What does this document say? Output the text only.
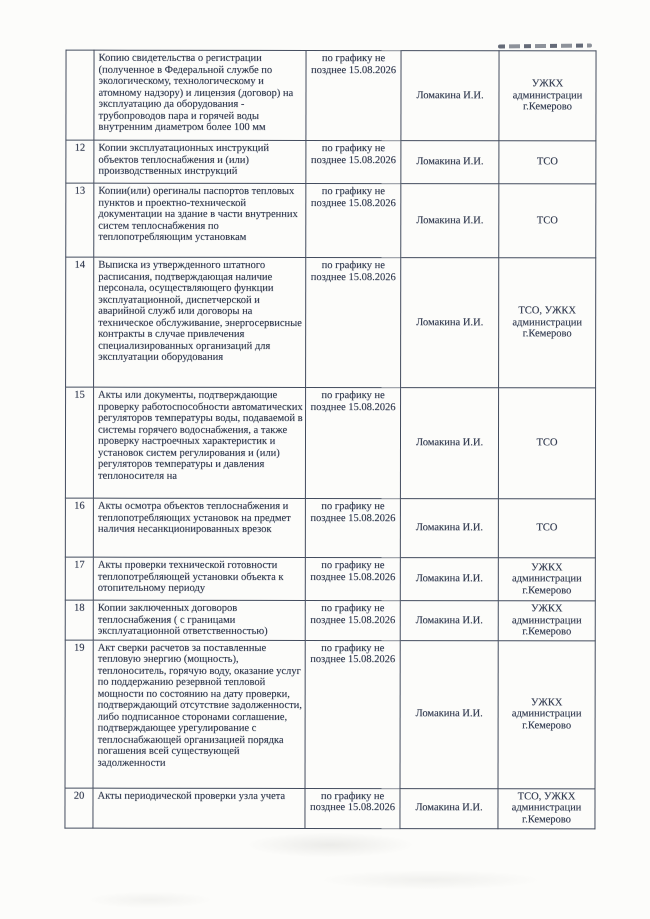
	Копию свидетельства о регистрации (полученное в Федеральной службе по экологическому, технологическому и атомному надзору) и лицензия (договор) на эксплуатацию да оборудования - трубопроводов пара и горячей воды внутренним диаметром более 100 мм	по графику не позднее 15.08.2026	Ломакина И.И.	УЖКХ администрации г.Кемерово
12	Копии эксплуатационных инструкций объектов теплоснабжения и (или) производственных инструкций	по графику не позднее 15.08.2026	Ломакина И.И.	ТСО
13	Копии(или) орегиналы паспортов тепловых пунктов и проектно-технической документации на здание в части внутренних систем теплоснабжения по теплопотребляющим установкам	по графику не позднее 15.08.2026	Ломакина И.И.	ТСО
14	Выписка из утвержденного штатного расписания, подтверждающая наличие персонала, осуществляющего функции эксплуатационной, диспетчерской и аварийной служб или договоры на техническое обслуживание, энергосервисные контракты в случае привлечения специализированных организаций для эксплуатации оборудования	по графику не позднее 15.08.2026	Ломакина И.И.	ТСО, УЖКХ администрации г.Кемерово
15	Акты или документы, подтверждающие проверку работоспособности автоматических регуляторов температуры воды, подаваемой в системы горячего водоснабжения, а также проверку настроечных характеристик и установок систем регулирования и (или) регуляторов температуры и давления теплоносителя на	по графику не позднее 15.08.2026	Ломакина И.И.	ТСО
16	Акты осмотра объектов теплоснабжения и теплопотребляющих установок на предмет наличия несанкционированных врезок	по графику не позднее 15.08.2026	Ломакина И.И.	ТСО
17	Акты проверки технической готовности теплопотребляющей установки объекта к отопительному периоду	по графику не позднее 15.08.2026	Ломакина И.И.	УЖКХ администрации г.Кемерово
18	Копии заключенных договоров теплоснабжения ( с границами эксплуатационной ответственностью)	по графику не позднее 15.08.2026	Ломакина И.И.	УЖКХ администрации г.Кемерово
19	Акт сверки расчетов за поставленные тепловую энергию (мощность), теплоноситель, горячую воду, оказание услуг по поддержанию резервной тепловой мощности по состоянию на дату проверки, подтверждающий отсутствие задолженности, либо подписанное сторонами соглашение, подтверждающее урегулирование с теплоснабжающей организацией порядка погашения всей существующей задолженности	по графику не позднее 15.08.2026	Ломакина И.И.	УЖКХ администрации г.Кемерово
20	Акты периодической проверки узла учета	по графику не позднее 15.08.2026	Ломакина И.И.	ТСО, УЖКХ администрации г.Кемерово
